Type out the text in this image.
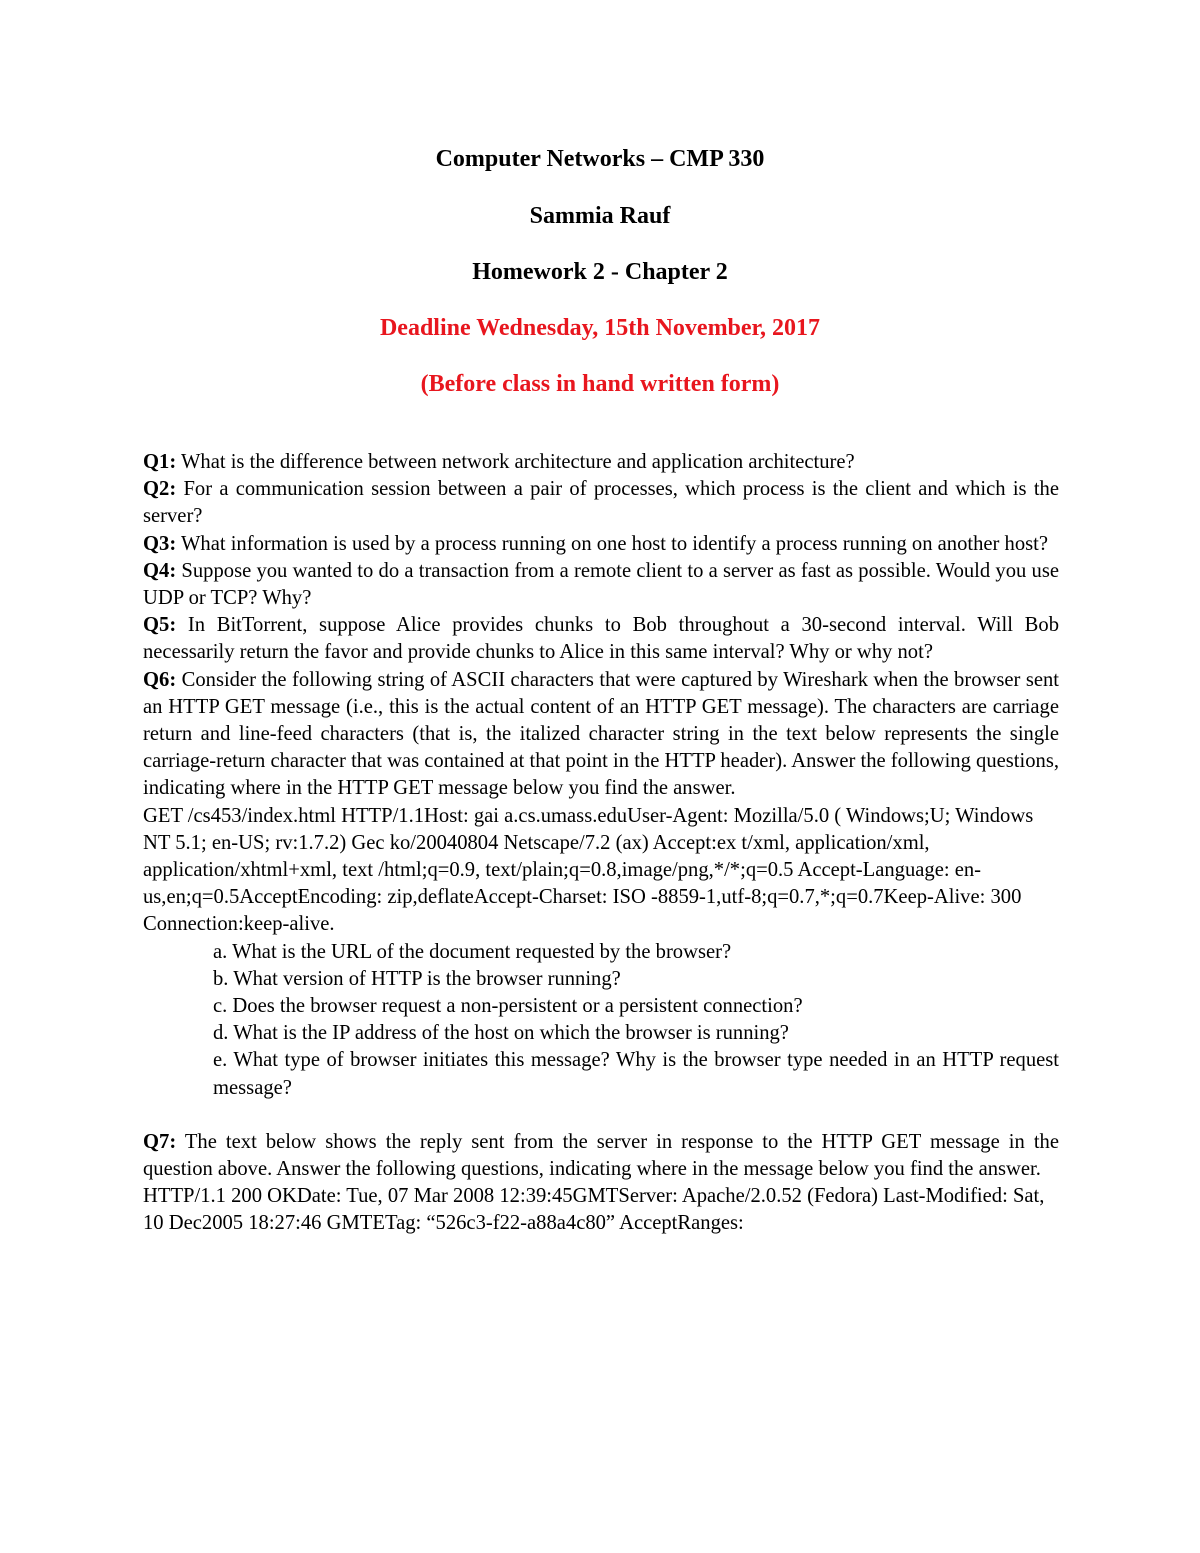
Computer Networks – CMP 330
Sammia Rauf
Homework 2 - Chapter 2
Deadline Wednesday, 15th November, 2017
(Before class in hand written form)

Q1: What is the difference between network architecture and application architecture?

Q2: For a communication session between a pair of processes, which process is the client and which is the server?

Q3: What information is used by a process running on one host to identify a process running on another host?

Q4: Suppose you wanted to do a transaction from a remote client to a server as fast as possible. Would you use UDP or TCP? Why?

Q5: In BitTorrent, suppose Alice provides chunks to Bob throughout a 30-second interval. Will Bob necessarily return the favor and provide chunks to Alice in this same interval? Why or why not?

Q6: Consider the following string of ASCII characters that were captured by Wireshark when the browser sent an HTTP GET message (i.e., this is the actual content of an HTTP GET message). The characters are carriage return and line-feed characters (that is, the italized character string in the text below represents the single carriage-return character that was contained at that point in the HTTP header). Answer the following questions, indicating where in the HTTP GET message below you find the answer.

GET /cs453/index.html HTTP/1.1Host: gai a.cs.umass.eduUser-Agent: Mozilla/5.0 ( Windows;U; Windows NT 5.1; en-US; rv:1.7.2) Gec ko/20040804 Netscape/7.2 (ax) Accept:ex t/xml, application/xml, application/xhtml+xml, text /html;q=0.9, text/plain;q=0.8,image/png,*/*;q=0.5 Accept-Language: en-us,en;q=0.5AcceptEncoding: zip,deflateAccept-Charset: ISO -8859-1,utf-8;q=0.7,*;q=0.7Keep-Alive: 300 Connection:keep-alive.

a. What is the URL of the document requested by the browser?
b. What version of HTTP is the browser running?
c. Does the browser request a non-persistent or a persistent connection?
d. What is the IP address of the host on which the browser is running?
e. What type of browser initiates this message? Why is the browser type needed in an HTTP request message?

Q7: The text below shows the reply sent from the server in response to the HTTP GET message in the question above. Answer the following questions, indicating where in the message below you find the answer.

HTTP/1.1 200 OKDate: Tue, 07 Mar 2008 12:39:45GMTServer: Apache/2.0.52 (Fedora) Last-Modified: Sat, 10 Dec2005 18:27:46 GMTETag: “526c3-f22-a88a4c80” AcceptRanges:
